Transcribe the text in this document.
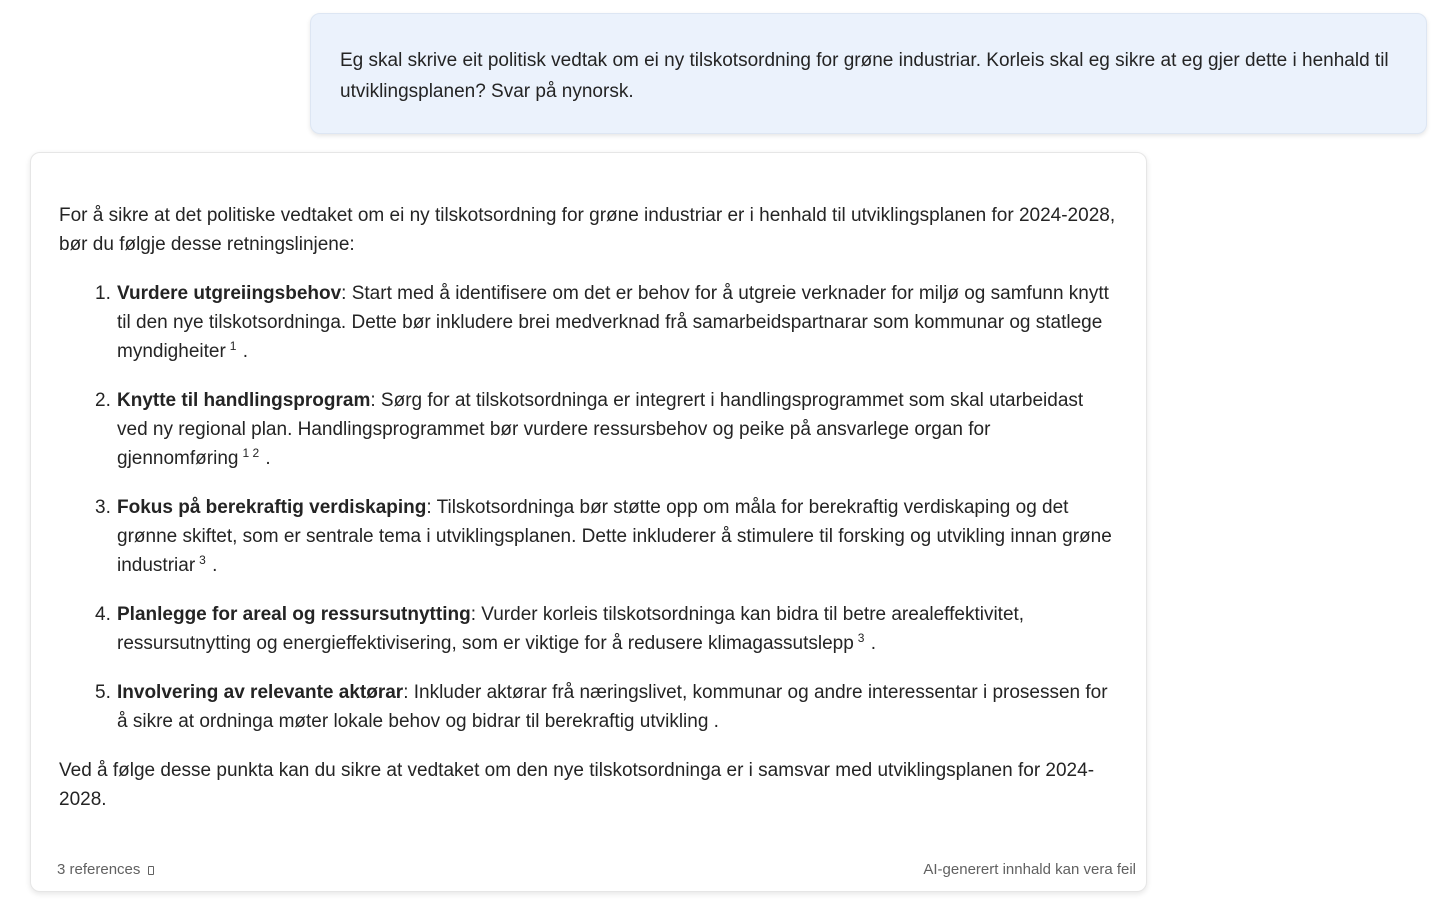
Eg skal skrive eit politisk vedtak om ei ny tilskotsordning for grøne industriar. Korleis skal eg sikre at eg gjer dette i henhald til utviklingsplanen? Svar på nynorsk.

For å sikre at det politiske vedtaket om ei ny tilskotsordning for grøne industriar er i henhald til utviklingsplanen for 2024-2028, bør du følgje desse retningslinjene:

1. Vurdere utgreiingsbehov: Start med å identifisere om det er behov for å utgreie verknader for miljø og samfunn knytt til den nye tilskotsordninga. Dette bør inkludere brei medverknad frå samarbeidspartnarar som kommunar og statlege myndigheiter $^1$ .
2. Knytte til handlingsprogram: Sørg for at tilskotsordninga er integrert i handlingsprogrammet som skal utarbeidast ved ny regional plan. Handlingsprogrammet bør vurdere ressursbehov og peike på ansvarlege organ for gjennomføring $^{1 2}$ .
3. Fokus på berekraftig verdiskaping: Tilskotsordninga bør støtte opp om måla for berekraftig verdiskaping og det grønne skiftet, som er sentrale tema i utviklingsplanen. Dette inkluderer å stimulere til forsking og utvikling innan grøne industriar $^3$ .
4. Planlegge for areal og ressursutnytting: Vurder korleis tilskotsordninga kan bidra til betre arealeffektivitet, ressursutnytting og energieffektivisering, som er viktige for å redusere klimagassutslepp $^3$ .
5. Involvering av relevante aktørar: Inkluder aktørar frå næringslivet, kommunar og andre interessentar i prosessen for å sikre at ordninga møter lokale behov og bidrar til berekraftig utvikling .

Ved å følge desse punkta kan du sikre at vedtaket om den nye tilskotsordninga er i samsvar med utviklingsplanen for 2024-2028.

3 references	AI-generert innhald kan vera feil
